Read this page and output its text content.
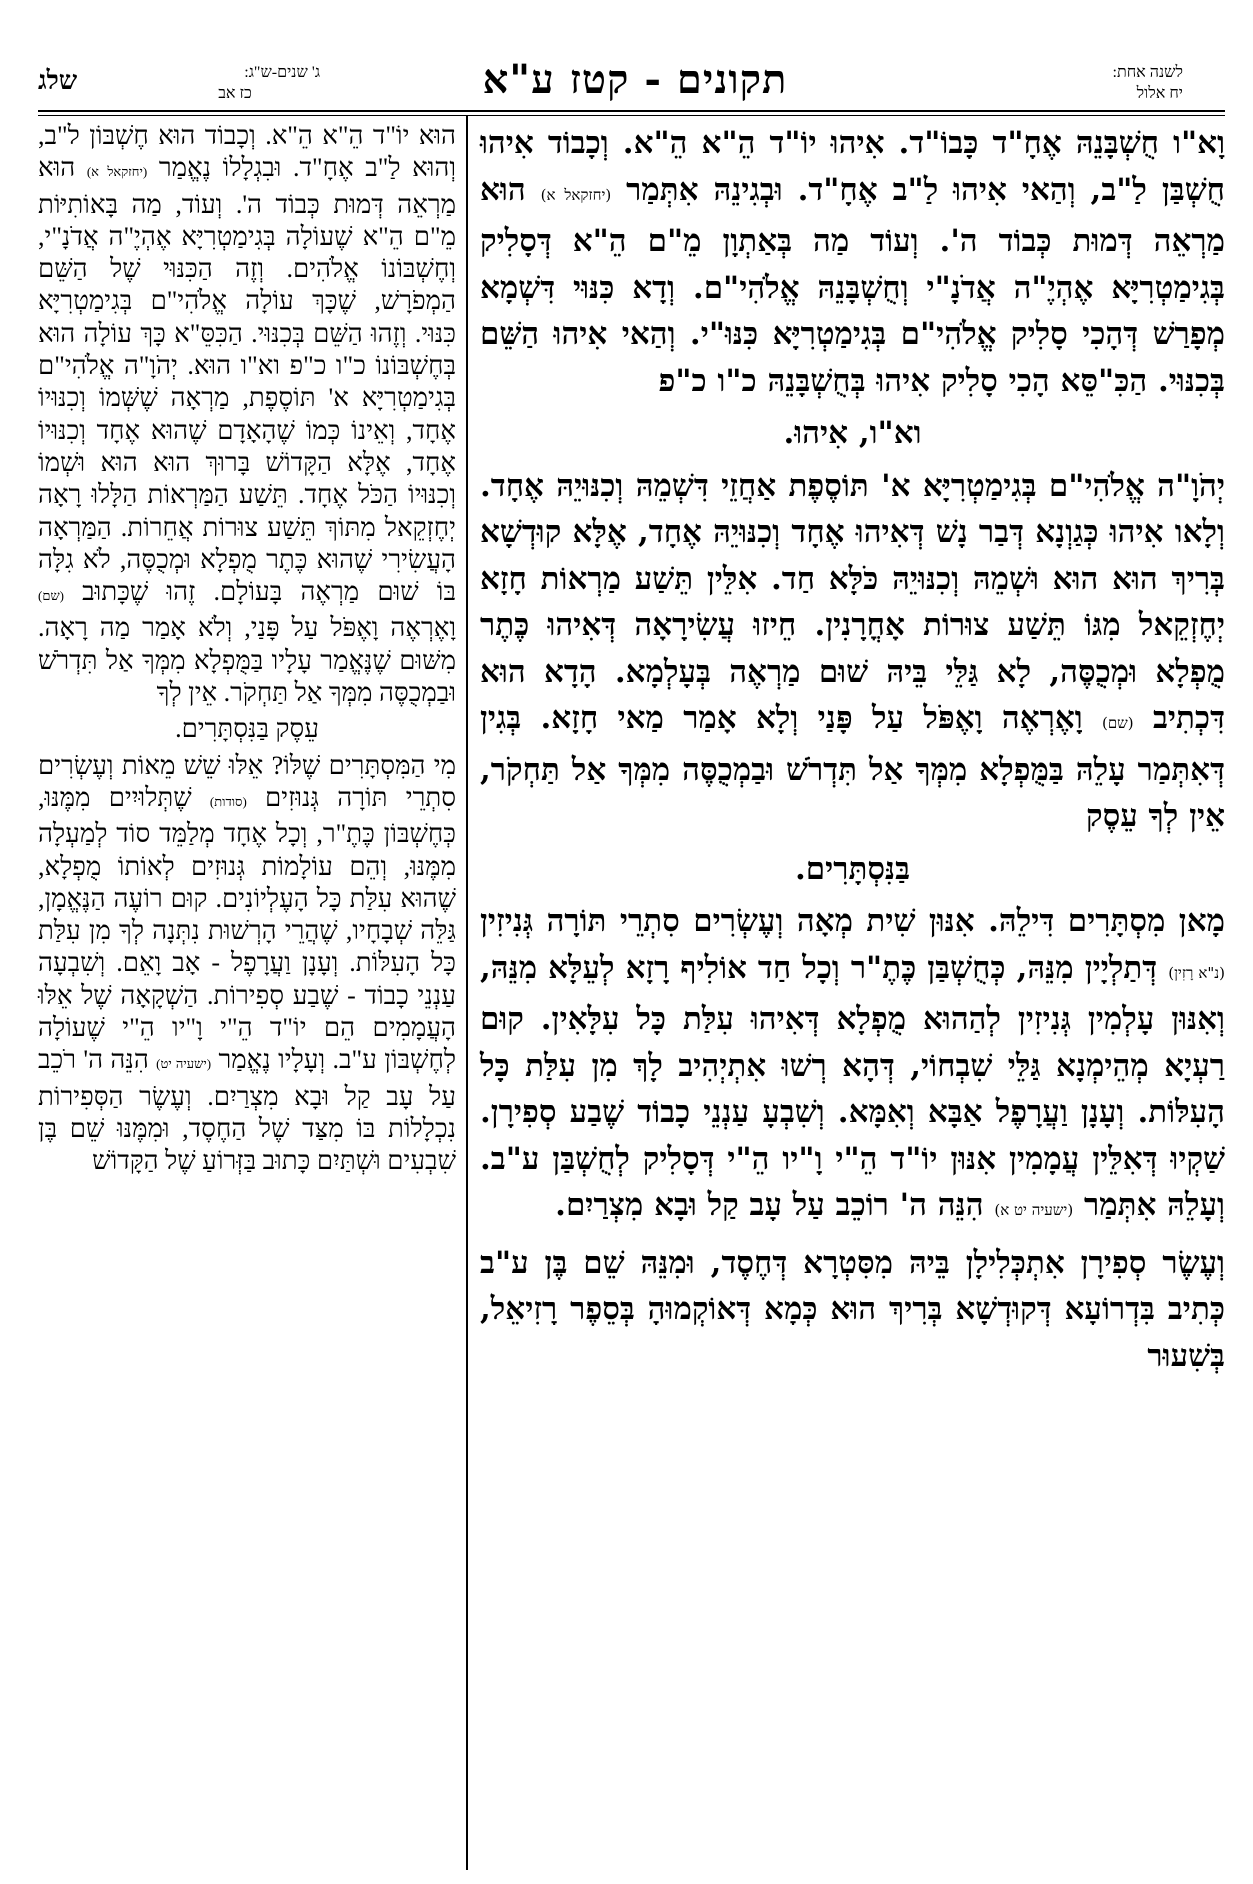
לשנה אחת:
יח אלול
תקונים - קטז ע"א
ג' שנים-ש"ג:
כז אב
שלג

וָא"ו חֻשְׁבָּנֵהּ אֶחָ"ד כָּבוֹ"ד. אִיהוּ יוֹ"ד הֵ"א הֵ"א. וְכָבוֹד אִיהוּ חֻשְׁבַּן לַ"ב, וְהַאי אִיהוּ לַ"ב אֶחָ"ד. וּבְגִינֵהּ אִתְּמַר (יחזקאל א) הוּא מַרְאֵה דְּמוּת כְּבוֹד ה'. וְעוֹד מַה בְּאַתְוָן מֵ"ם הֵ"א דְּסָלִיק בְּגִימַטְרִיָּא אֶהְיֶ"ה אֲדֹנָ"י וְחֻשְׁבָּנֵהּ אֱלֹהִי"ם. וְדָא כִּנּוּי דִּשְׁמָא מְפָרַשׁ דְּהָכִי סָלִיק אֱלֹהִי"ם בְּגִימַטְרִיָּא כִּנּוּ"י. וְהַאי אִיהוּ הַשֵּׁם בְּכִנּוּי. הַכִּ"סֵּא הָכִי סָלִיק אִיהוּ בְּחֻשְׁבָּנֵהּ כ"ו כ"פ

וא"ו, אִיהוּ.

יְהֹוָ"ה אֱלֹהִי"ם בְּגִימַטְרִיָּא א' תּוֹסֶפֶת אַחֲזֵי דִּשְׁמֵהּ וְכִנּוּיֵהּ אֶחָד. וְלָאו אִיהוּ כְּגַוְנָא דְּבַר נָשׁ דְּאִיהוּ אֶחָד וְכִנּוּיֵהּ אֶחָד, אֶלָּא קוּדְשָׁא בְּרִיךְ הוּא הוּא וּשְׁמֵהּ וְכִנּוּיֵהּ כֹּלָּא חַד. אִלֵּין תֵּשַׁע מַרְאוֹת חָזָא יְחֶזְקֵאל מִגּוֹ תֵּשַׁע צוּרוֹת אָחֳרָנִין. חֵיזוּ עֲשִׂירָאָה דְּאִיהוּ כֶּתֶר מֻפְלָא וּמְכֻסֶּה, לָא גַּלֵּי בֵּיהּ שׁוּם מַרְאֶה בְּעָלְמָא. הָדָא הוּא דִּכְתִיב (שם) וָאֶרְאֶה וָאֶפֹּל עַל פָּנַי וְלָא אָמַר מַאי חָזָא. בְּגִין דְּאִתְּמַר עָלֵהּ בַּמֻּפְלָא מִמְּךָ אַל תִּדְרֹשׁ וּבַמְכֻסֶּה מִמְּךָ אַל תַּחְקֹר, אֵין לְךָ עֵסֶק

בַּנִּסְתָּרִים.

מָאן מִסְתָּרִים דִּילֵהּ. אִנּוּן שִׁית מְאָה וְעֶשְׂרִים סִתְרֵי תּוֹרָה גְּנִיזִין (נ"א רָזִין) דְּתַלְיָין מִנֵּהּ, כְּחֻשְׁבַּן כֶּתֶ"ר וְכָל חַד אוֹלִיף רָזָא לְעֵלָּא מִנֵּהּ, וְאִנּוּן עָלְמִין גְּנִיזִין לְהַהוּא מֻפְלָא דְּאִיהוּ עִלַּת כָּל עִלָּאִין. קוּם רַעְיָא מְהֵימְנָא גַּלֵּי שִׁבְחוֹי, דְּהָא רְשׁוּ אִתְיְהִיב לָךְ מִן עִלַּת כָּל הָעִלּוֹת. וְעָנָן וַעֲרָפֶל אַבָּא וְאִמָּא. וְשִׁבְעָ עַנְנֵי כָבוֹד שֶׁבַע סְפִירָן. שַׁקְיוּ דְּאִלֵּין עֲמָמִין אִנּוּן יוֹ"ד הֵ"י וָ"יו הֵ"י דְּסָלִיק לְחֻשְׁבַּן ע"ב. וְעָלֵהּ אִתְּמַר (ישעיה יט א) הִנֵּה ה' רוֹכֵב עַל עָב קַל וּבָא מִצְרַיִם.

וְעֶשֶׂר סְפִירָן אִתְכְּלִילָן בֵּיהּ מִסִּטְרָא דְּחֶסֶד, וּמִנֵּהּ שֵׁם בֶּן ע"ב כְּתִיב בִּדְרוֹעָא דְּקוּדְשָׁא בְּרִיךְ הוּא כְּמָא דְּאוֹקְמוּהָ בְּסֵפֶר רָזִיאֵל, בְּשִׁעוּר

הוּא יוֹ"ד הֵ"א הֵ"א. וְכָבוֹד הוּא חֶשְׁבּוֹן ל"ב, וְהוּא לַ"ב אֶחָ"ד. וּבִגְלָלוֹ נֶאֱמַר (יחזקאל א) הוּא מַרְאֵה דְּמוּת כְּבוֹד ה'. וְעוֹד, מַה בָּאוֹתִיּוֹת מֵ"ם הֵ"א שֶׁעוֹלָה בְּגִימַטְרִיָּא אֶהְיֶ"ה אֲדֹנָ"י, וְחֶשְׁבּוֹנוֹ אֱלֹהִים. וְזֶה הַכִּנּוּי שֶׁל הַשֵּׁם הַמְפֹרָשׁ, שֶׁכָּךְ עוֹלָה אֱלֹהִי"ם בְּגִימַטְרִיָּא כִּנּוּי. וְזֶהוּ הַשֵּׁם בְּכִנּוּי. הַכִּסֵּ"א כָּךְ עוֹלָה הוּא בְּחֶשְׁבּוֹנוֹ כ"ו כ"פ וא"ו הוּא. יְהֹוָ"ה אֱלֹהִי"ם בְּגִימַטְרִיָּא א' תּוֹסֶפֶת, מַרְאָה שֶׁשְּׁמוֹ וְכִנּוּיוֹ אֶחָד, וְאֵינוֹ כְּמוֹ שֶׁהָאָדָם שֶׁהוּא אֶחָד וְכִנּוּיוֹ אֶחָד, אֶלָּא הַקָּדוֹשׁ בָּרוּךְ הוּא הוּא וּשְׁמוֹ וְכִנּוּיוֹ הַכֹּל אֶחָד. תֵּשַׁע הַמַּרְאוֹת הַלָּלוּ רָאָה יְחֶזְקֵאל מִתּוֹךְ תֵּשַׁע צוּרוֹת אֲחֵרוֹת. הַמַּרְאָה הָעֲשִׂירִי שֶׁהוּא כֶּתֶר מֻפְלָא וּמְכֻסֶּה, לֹא גִלָּה בּוֹ שׁוּם מַרְאֶה בָּעוֹלָם. זֶהוּ שֶׁכָּתוּב (שם) וָאֶרְאֶה וָאֶפֹּל עַל פָּנַי, וְלֹא אָמַר מַה רָאָה. מִשּׁוּם שֶׁנֶּאֱמַר עָלָיו בַּמֻּפְלָא מִמְּךָ אַל תִּדְרֹשׁ וּבַמְכֻסֶּה מִמְּךָ אַל תַּחְקֹר. אֵין לְךָ

עֵסֶק בַּנִּסְתָּרִים.

מִי הַמִּסְתָּרִים שֶׁלּוֹ? אֵלּוּ שֵׁשׁ מֵאוֹת וְעֶשְׂרִים סִתְרֵי תּוֹרָה גְּנוּזִים (סודות) שֶׁתְּלוּיִים מִמֶּנּוּ, כְּחֶשְׁבּוֹן כֶּתֶ"ר, וְכָל אֶחָד מְלַמֵּד סוֹד לְמַעְלָה מִמֶּנּוּ, וְהֵם עוֹלָמוֹת גְּנוּזִים לְאוֹתוֹ מֻפְלָא, שֶׁהוּא עִלַּת כָּל הָעֶלְיוֹנִים. קוּם רוֹעֶה הַנֶּאֱמָן, גַּלֵּה שְׁבָחָיו, שֶׁהֲרֵי הָרְשׁוּת נִתְּנָה לְךָ מִן עִלַּת כָּל הָעִלּוֹת. וְעָנָן וַעֲרָפֶל - אָב וָאֵם. וְשִׁבְעָה עַנְנֵי כָבוֹד - שֶׁבַע סְפִירוֹת. הַשְׁקָאָה שֶׁל אֵלּוּ הָעֲמָמִים הֵם יוֹ"ד הֵ"י וָ"יו הֵ"י שֶׁעוֹלָה לְחֶשְׁבּוֹן ע"ב. וְעָלָיו נֶאֱמַר (ישעיה יט) הִנֵּה ה' רֹכֵב עַל עָב קַל וּבָא מִצְרַיִם. וְעֶשֶׂר הַסְּפִירוֹת נִכְלָלוֹת בּוֹ מִצַּד שֶׁל הַחֶסֶד, וּמִמֶּנּוּ שֵׁם בֶּן שִׁבְעִים וּשְׁתַּיִם כָּתוּב בַּזְּרוֹעַ שֶׁל הַקָּדוֹשׁ
